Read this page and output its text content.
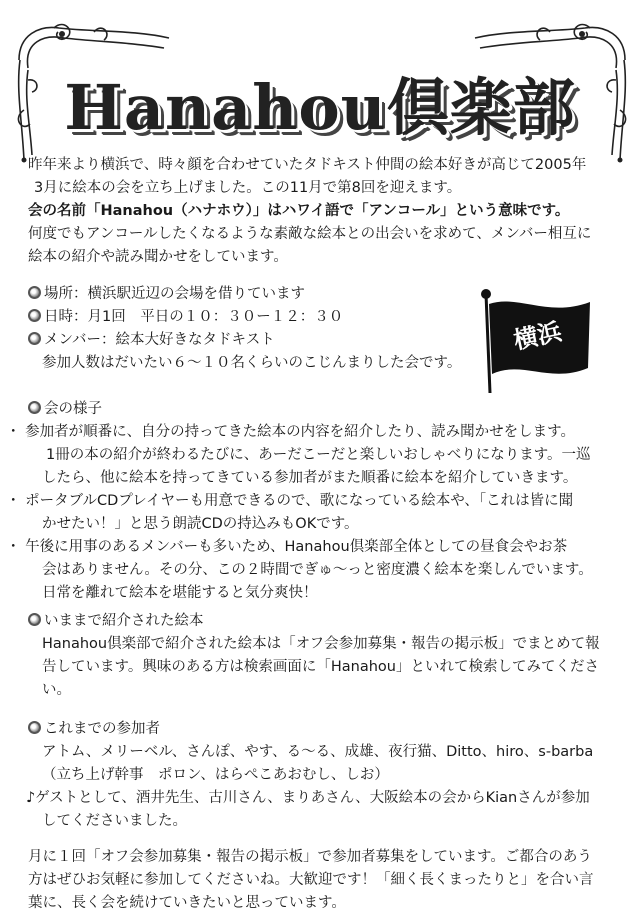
Hanahou倶楽部
昨年来より横浜で、時々顔を合わせていたタドキスト仲間の絵本好きが高じて2005年
3月に絵本の会を立ち上げました。この11月で第8回を迎えます。
会の名前「Hanahou（ハナホウ）」はハワイ語で「アンコール」という意味です。
何度でもアンコールしたくなるような素敵な絵本との出会いを求めて、メンバー相互に
絵本の紹介や読み聞かせをしています。
場所：横浜駅近辺の会場を借りています
日時：月1回　平日の１０：３０ー１２：３０
メンバー：絵本大好きなタドキスト
参加人数はだいたい６～１０名くらいのこじんまりした会です。
横浜
会の様子
・ 参加者が順番に、自分の持ってきた絵本の内容を紹介したり、読み聞かせをします。
1冊の本の紹介が終わるたびに、あーだこーだと楽しいおしゃべりになります。一巡
したら、他に絵本を持ってきている参加者がまた順番に絵本を紹介していきます。
・ ポータブルCDプレイヤーも用意できるので、歌になっている絵本や、「これは皆に聞
かせたい！」と思う朗読CDの持込みもOKです。
・ 午後に用事のあるメンバーも多いため、Hanahou倶楽部全体としての昼食会やお茶
会はありません。その分、この２時間でぎゅ～っと密度濃く絵本を楽しんでいます。
日常を離れて絵本を堪能すると気分爽快！
いままで紹介された絵本
Hanahou倶楽部で紹介された絵本は「オフ会参加募集・報告の掲示板」でまとめて報
告しています。興味のある方は検索画面に「Hanahou」といれて検索してみてくださ
い。
これまでの参加者
アトム、メリーベル、さんぽ、やす、る～る、成雄、夜行猫、Ditto、hiro、s-barba
（立ち上げ幹事　ポロン、はらぺこあおむし、しお）
♪ゲストとして、酒井先生、古川さん、まりあさん、大阪絵本の会からKianさんが参加
してくださいました。
月に１回「オフ会参加募集・報告の掲示板」で参加者募集をしています。ご都合のあう
方はぜひお気軽に参加してくださいね。大歓迎です！「細く長くまったりと」を合い言
葉に、長く会を続けていきたいと思っています。
